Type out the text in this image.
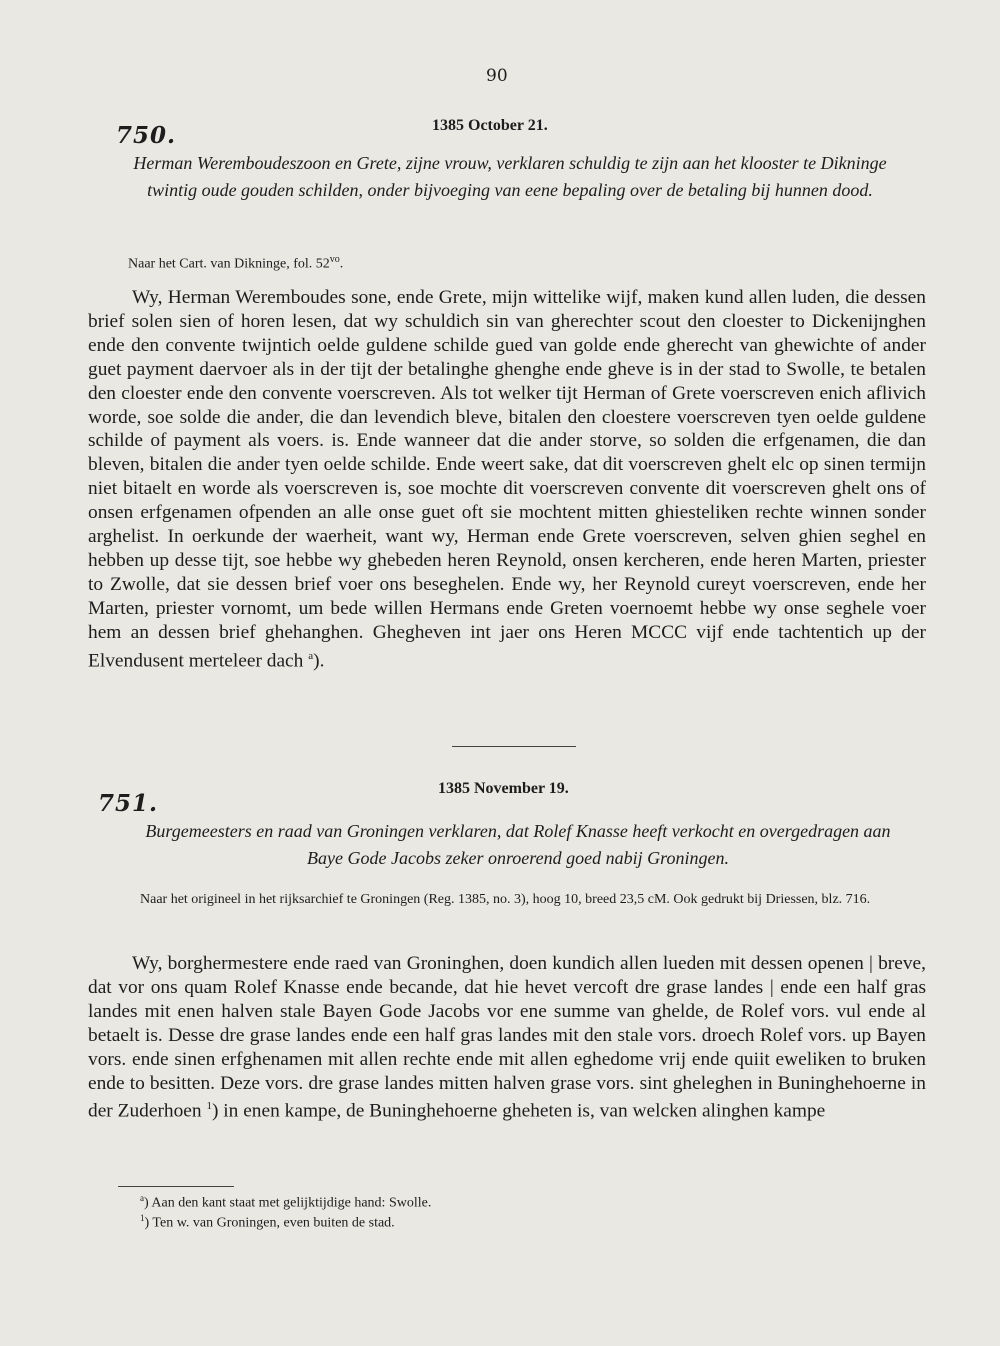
90
750.	1385 October 21.
Herman Weremboudeszoon en Grete, zijne vrouw, verklaren schuldig te zijn aan het klooster te Dikninge twintig oude gouden schilden, onder bijvoeging van eene bepaling over de betaling bij hunnen dood.
Naar het Cart. van Dikninge, fol. $52^{vo}$.

Wy, Herman Weremboudes sone, ende Grete, mijn wittelike wijf, maken kund allen luden, die dessen brief solen sien of horen lesen, dat wy schuldich sin van gherechter scout den cloester to Dickenijnghen ende den convente twijntich oelde guldene schilde gued van golde ende gherecht van ghewichte of ander guet payment daervoer als in der tijt der betalinghe ghenghe ende gheve is in der stad to Swolle, te betalen den cloester ende den convente voerscreven. Als tot welker tijt Herman of Grete voerscreven enich aflivich worde, soe solde die ander, die dan levendich bleve, bitalen den cloestere voerscreven tyen oelde guldene schilde of payment als voers. is. Ende wanneer dat die ander storve, so solden die erfgenamen, die dan bleven, bitalen die ander tyen oelde schilde. Ende weert sake, dat dit voerscreven ghelt elc op sinen termijn niet bitaelt en worde als voerscreven is, soe mochte dit voerscreven convente dit voerscreven ghelt ons of onsen erfgenamen ofpenden an alle onse guet oft sie mochtent mitten ghiesteliken rechte winnen sonder arghelist. In oerkunde der waerheit, want wy, Herman ende Grete voerscreven, selven ghien seghel en hebben up desse tijt, soe hebbe wy ghebeden heren Reynold, onsen kercheren, ende heren Marten, priester to Zwolle, dat sie dessen brief voer ons beseghelen. Ende wy, her Reynold cureyt voerscreven, ende her Marten, priester vornomt, um bede willen Hermans ende Greten voernoemt hebbe wy onse seghele voer hem an dessen brief ghehanghen. Ghegheven int jaer ons Heren MCCC vijf ende tachtentich up der Elvendusent merteleer dach $^a$).

751.
1385 November 19.
Burgemeesters en raad van Groningen verklaren, dat Rolef Knasse heeft verkocht en overgedragen aan Baye Gode Jacobs zeker onroerend goed nabij Groningen.
Naar het origineel in het rijksarchief te Groningen (Reg. 1385, no. 3), hoog 10, breed 23,5 cM. Ook gedrukt bij Driessen, blz. 716.

Wy, borghermestere ende raed van Groninghen, doen kundich allen lueden mit dessen openen | breve, dat vor ons quam Rolef Knasse ende becande, dat hie hevet vercoft dre grase landes | ende een half gras landes mit enen halven stale Bayen Gode Jacobs vor ene summe van ghelde, de Rolef vors. vul ende al betaelt is. Desse dre grase landes ende een half gras landes mit den stale vors. droech Rolef vors. up Bayen vors. ende sinen erfghenamen mit allen rechte ende mit allen eghedome vrij ende quiit eweliken to bruken ende to besitten. Deze vors. dre grase landes mitten halven grase vors. sint gheleghen in Buninghehoerne in der Zuderhoen $^1$) in enen kampe, de Buninghehoerne gheheten is, van welcken alinghen kampe

$^a$) Aan den kant staat met gelijktijdige hand: Swolle.
$^1$) Ten w. van Groningen, even buiten de stad.
